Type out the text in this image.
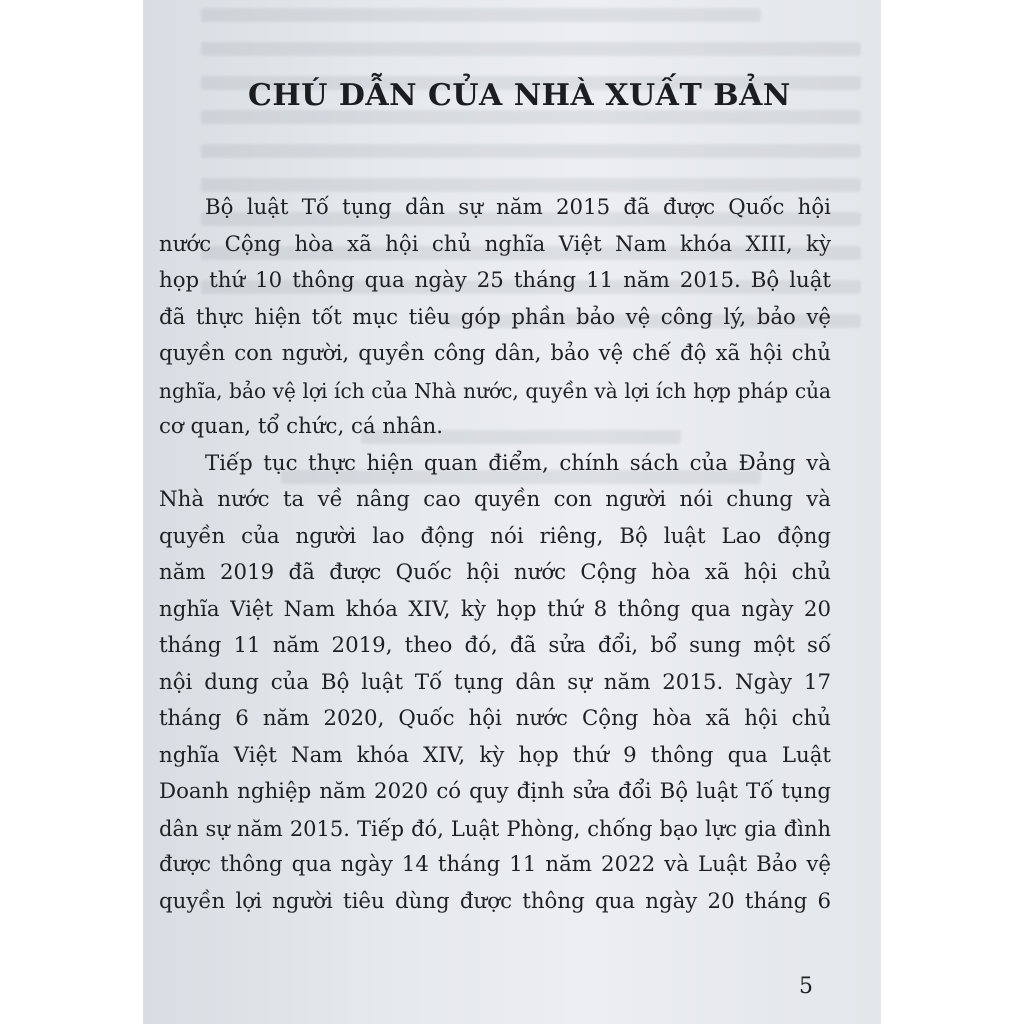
CHÚ DẪN CỦA NHÀ XUẤT BẢN
Bộ luật Tố tụng dân sự năm 2015 đã được Quốc hội
nước Cộng hòa xã hội chủ nghĩa Việt Nam khóa XIII, kỳ
họp thứ 10 thông qua ngày 25 tháng 11 năm 2015. Bộ luật
đã thực hiện tốt mục tiêu góp phần bảo vệ công lý, bảo vệ
quyền con người, quyền công dân, bảo vệ chế độ xã hội chủ
nghĩa, bảo vệ lợi ích của Nhà nước, quyền và lợi ích hợp pháp của
cơ quan, tổ chức, cá nhân.
Tiếp tục thực hiện quan điểm, chính sách của Đảng và
Nhà nước ta về nâng cao quyền con người nói chung và
quyền của người lao động nói riêng, Bộ luật Lao động
năm 2019 đã được Quốc hội nước Cộng hòa xã hội chủ
nghĩa Việt Nam khóa XIV, kỳ họp thứ 8 thông qua ngày 20
tháng 11 năm 2019, theo đó, đã sửa đổi, bổ sung một số
nội dung của Bộ luật Tố tụng dân sự năm 2015. Ngày 17
tháng 6 năm 2020, Quốc hội nước Cộng hòa xã hội chủ
nghĩa Việt Nam khóa XIV, kỳ họp thứ 9 thông qua Luật
Doanh nghiệp năm 2020 có quy định sửa đổi Bộ luật Tố tụng
dân sự năm 2015. Tiếp đó, Luật Phòng, chống bạo lực gia đình
được thông qua ngày 14 tháng 11 năm 2022 và Luật Bảo vệ
quyền lợi người tiêu dùng được thông qua ngày 20 tháng 6
5
